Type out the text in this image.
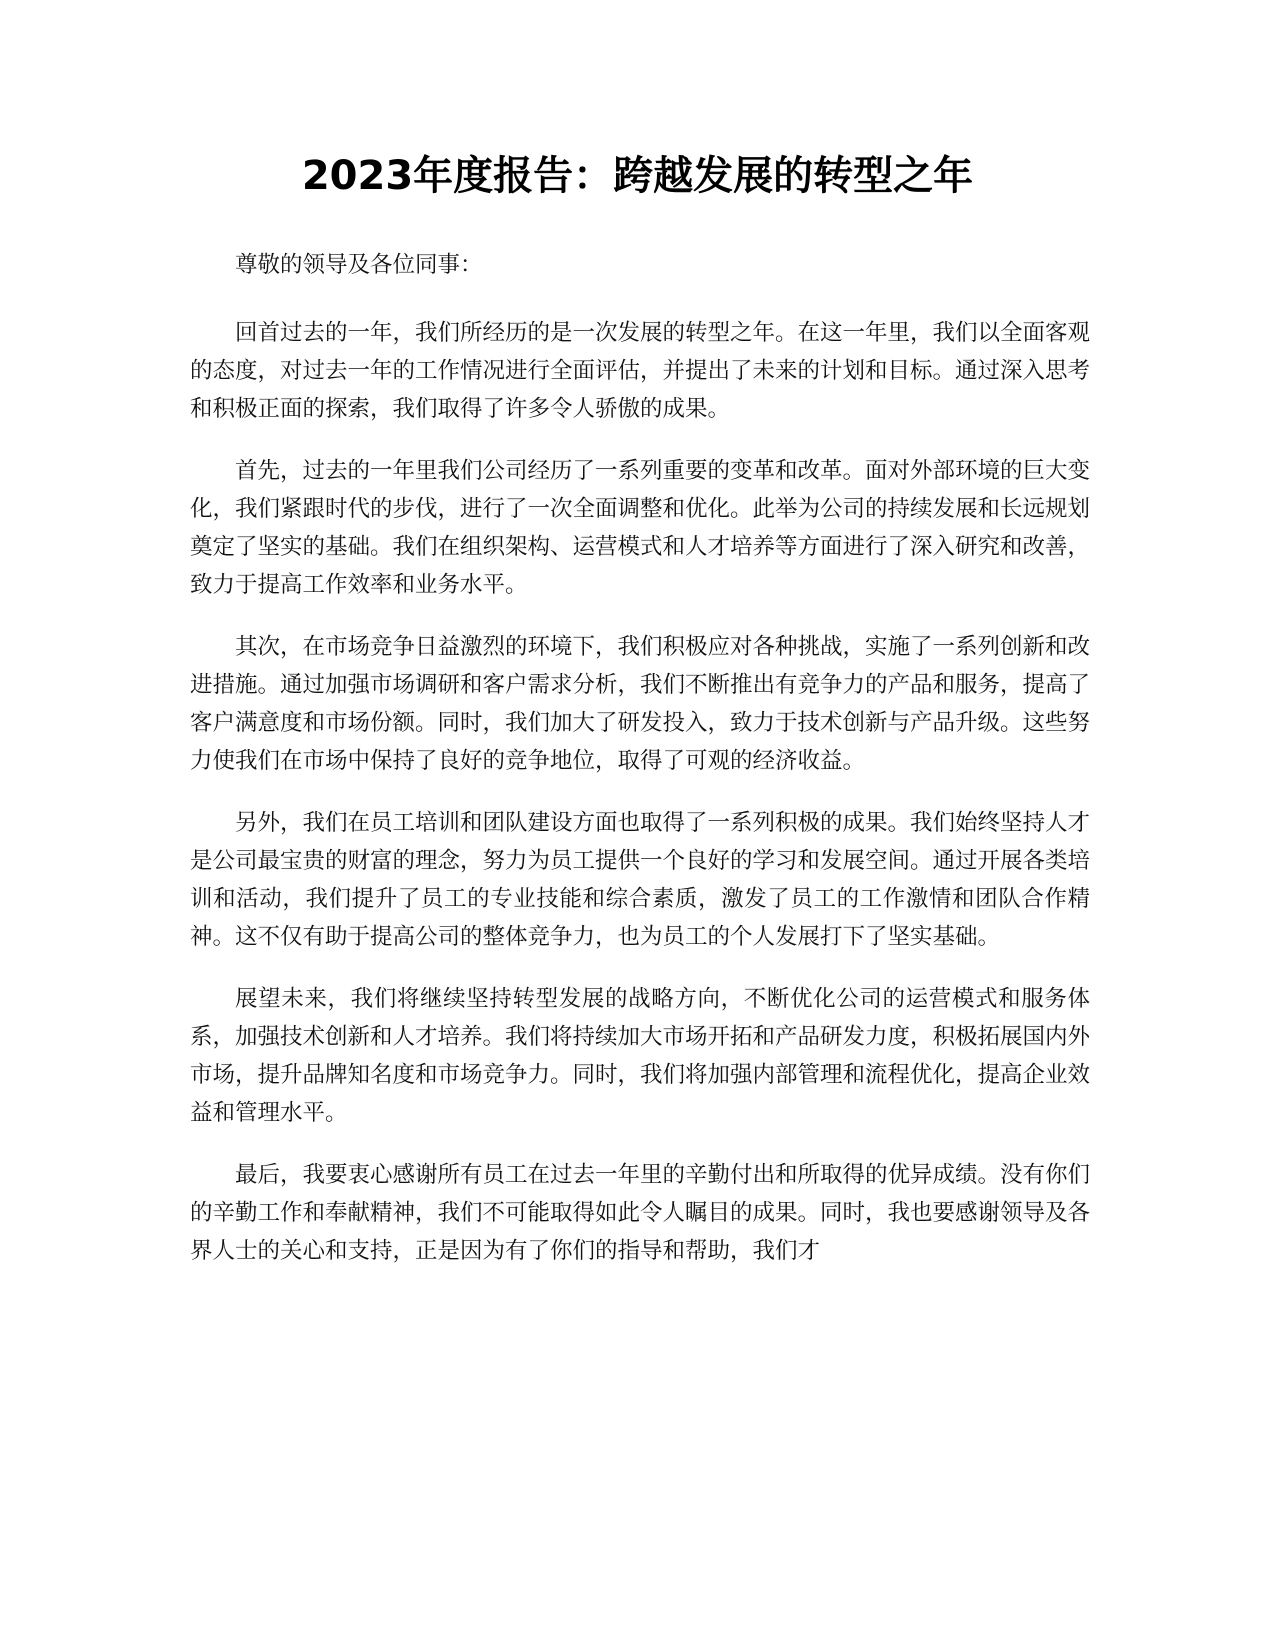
2023年度报告：跨越发展的转型之年

尊敬的领导及各位同事：

回首过去的一年，我们所经历的是一次发展的转型之年。在这一年里，我们以全面客观的态度，对过去一年的工作情况进行全面评估，并提出了未来的计划和目标。通过深入思考和积极正面的探索，我们取得了许多令人骄傲的成果。

首先，过去的一年里我们公司经历了一系列重要的变革和改革。面对外部环境的巨大变化，我们紧跟时代的步伐，进行了一次全面调整和优化。此举为公司的持续发展和长远规划奠定了坚实的基础。我们在组织架构、运营模式和人才培养等方面进行了深入研究和改善，致力于提高工作效率和业务水平。

其次，在市场竞争日益激烈的环境下，我们积极应对各种挑战，实施了一系列创新和改进措施。通过加强市场调研和客户需求分析，我们不断推出有竞争力的产品和服务，提高了客户满意度和市场份额。同时，我们加大了研发投入，致力于技术创新与产品升级。这些努力使我们在市场中保持了良好的竞争地位，取得了可观的经济收益。

另外，我们在员工培训和团队建设方面也取得了一系列积极的成果。我们始终坚持人才是公司最宝贵的财富的理念，努力为员工提供一个良好的学习和发展空间。通过开展各类培训和活动，我们提升了员工的专业技能和综合素质，激发了员工的工作激情和团队合作精神。这不仅有助于提高公司的整体竞争力，也为员工的个人发展打下了坚实基础。

展望未来，我们将继续坚持转型发展的战略方向，不断优化公司的运营模式和服务体系，加强技术创新和人才培养。我们将持续加大市场开拓和产品研发力度，积极拓展国内外市场，提升品牌知名度和市场竞争力。同时，我们将加强内部管理和流程优化，提高企业效益和管理水平。

最后，我要衷心感谢所有员工在过去一年里的辛勤付出和所取得的优异成绩。没有你们的辛勤工作和奉献精神，我们不可能取得如此令人瞩目的成果。同时，我也要感谢领导及各界人士的关心和支持，正是因为有了你们的指导和帮助，我们才
